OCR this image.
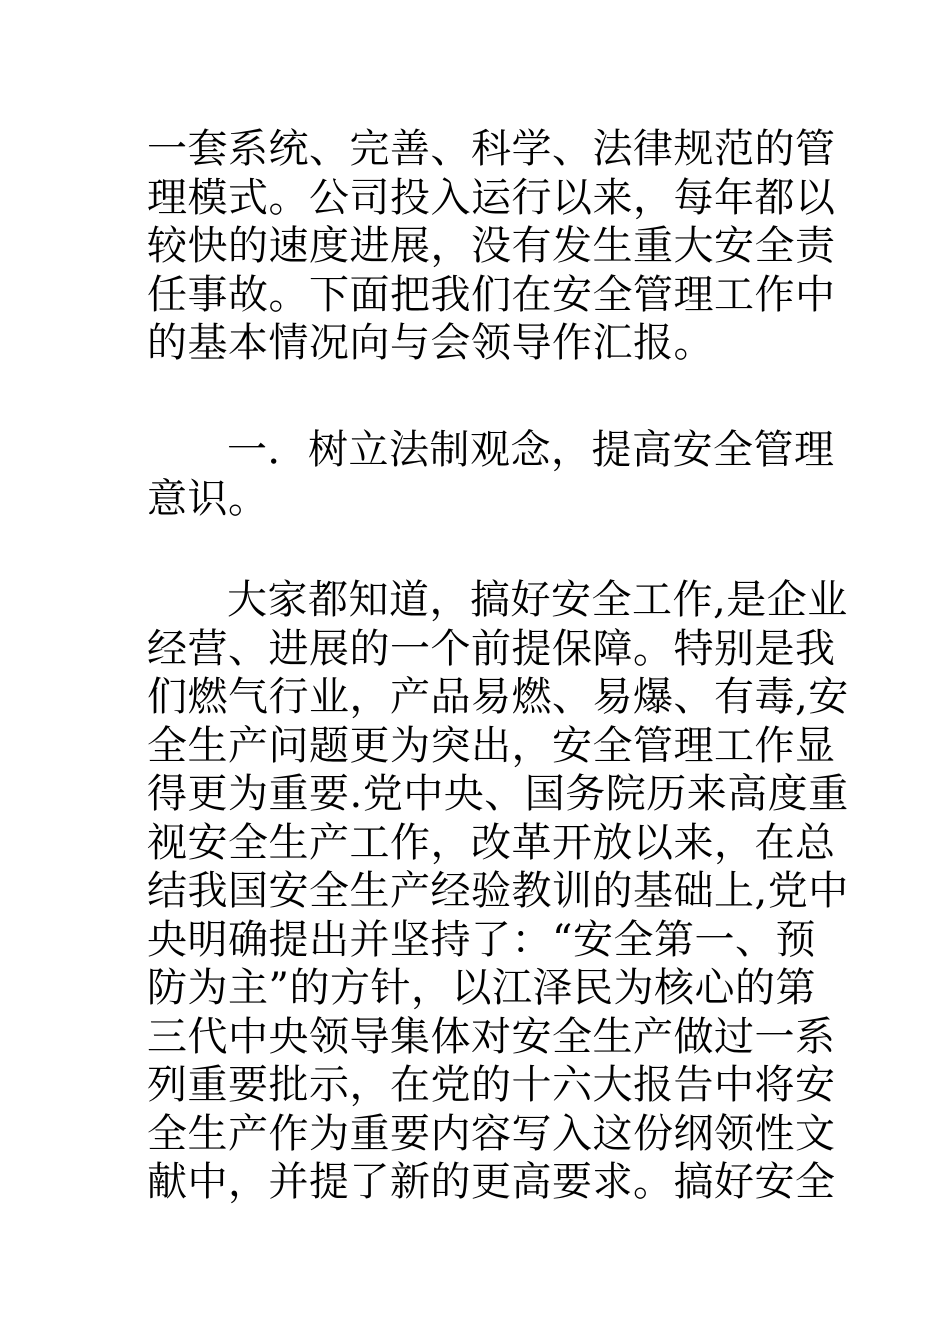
一套系统、完善、科学、法律规范的管
理模式。公司投入运行以来，每年都以
较快的速度进展，没有发生重大安全责
任事故。下面把我们在安全管理工作中
的基本情况向与会领导作汇报。
一．树立法制观念，提高安全管理
意识。
大家都知道，搞好安全工作,是企业
经营、进展的一个前提保障。特别是我
们燃气行业，产品易燃、易爆、有毒,安
全生产问题更为突出，安全管理工作显
得更为重要.党中央、国务院历来高度重
视安全生产工作，改革开放以来，在总
结我国安全生产经验教训的基础上,党中
央明确提出并坚持了：“安全第一、预
防为主”的方针，以江泽民为核心的第
三代中央领导集体对安全生产做过一系
列重要批示，在党的十六大报告中将安
全生产作为重要内容写入这份纲领性文
献中，并提了新的更高要求。搞好安全
